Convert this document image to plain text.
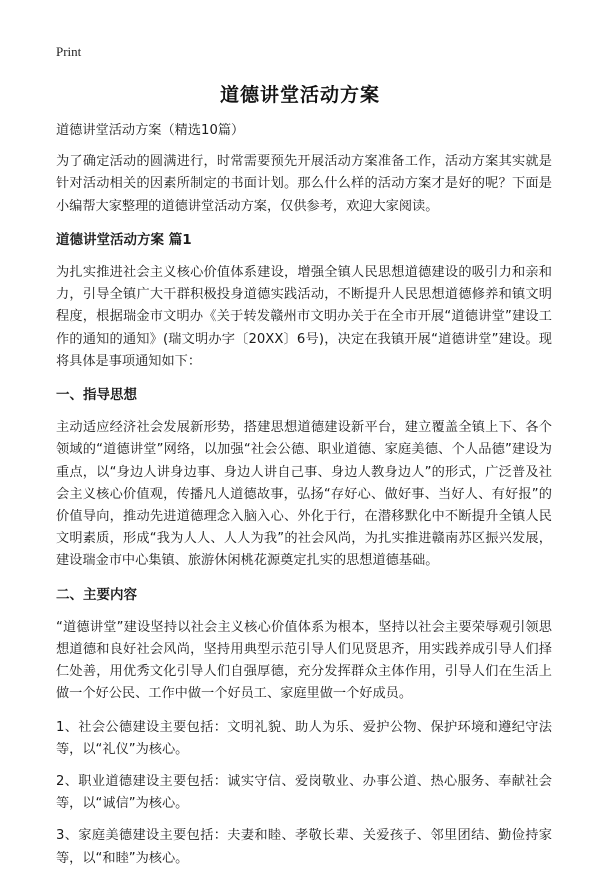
Print
道德讲堂活动方案

道德讲堂活动方案（精选10篇）

为了确定活动的圆满进行，时常需要预先开展活动方案准备工作，活动方案其实就是针对活动相关的因素所制定的书面计划。那么什么样的活动方案才是好的呢？下面是小编帮大家整理的道德讲堂活动方案，仅供参考，欢迎大家阅读。

道德讲堂活动方案 篇1

为扎实推进社会主义核心价值体系建设，增强全镇人民思想道德建设的吸引力和亲和力，引导全镇广大干群积极投身道德实践活动，不断提升人民思想道德修养和镇文明程度，根据瑞金市文明办《关于转发赣州市文明办关于在全市开展“道德讲堂”建设工作的通知的通知》(瑞文明办字〔20XX〕6号)，决定在我镇开展“道德讲堂”建设。现将具体是事项通知如下：

一、指导思想

主动适应经济社会发展新形势，搭建思想道德建设新平台，建立覆盖全镇上下、各个领域的“道德讲堂”网络，以加强“社会公德、职业道德、家庭美德、个人品德”建设为重点，以“身边人讲身边事、身边人讲自己事、身边人教身边人”的形式，广泛普及社会主义核心价值观，传播凡人道德故事，弘扬“存好心、做好事、当好人、有好报”的价值导向，推动先进道德理念入脑入心、外化于行，在潜移默化中不断提升全镇人民文明素质，形成“我为人人、人人为我”的社会风尚，为扎实推进赣南苏区振兴发展，建设瑞金市中心集镇、旅游休闲桃花源奠定扎实的思想道德基础。

二、主要内容

“道德讲堂”建设坚持以社会主义核心价值体系为根本，坚持以社会主要荣辱观引领思想道德和良好社会风尚，坚持用典型示范引导人们见贤思齐，用实践养成引导人们择仁处善，用优秀文化引导人们自强厚德，充分发挥群众主体作用，引导人们在生活上做一个好公民、工作中做一个好员工、家庭里做一个好成员。

1、社会公德建设主要包括：文明礼貌、助人为乐、爱护公物、保护环境和遵纪守法等，以“礼仪”为核心。

2、职业道德建设主要包括：诚实守信、爱岗敬业、办事公道、热心服务、奉献社会等，以“诚信”为核心。

3、家庭美德建设主要包括：夫妻和睦、孝敬长辈、关爱孩子、邻里团结、勤俭持家等，以“和睦”为核心。
